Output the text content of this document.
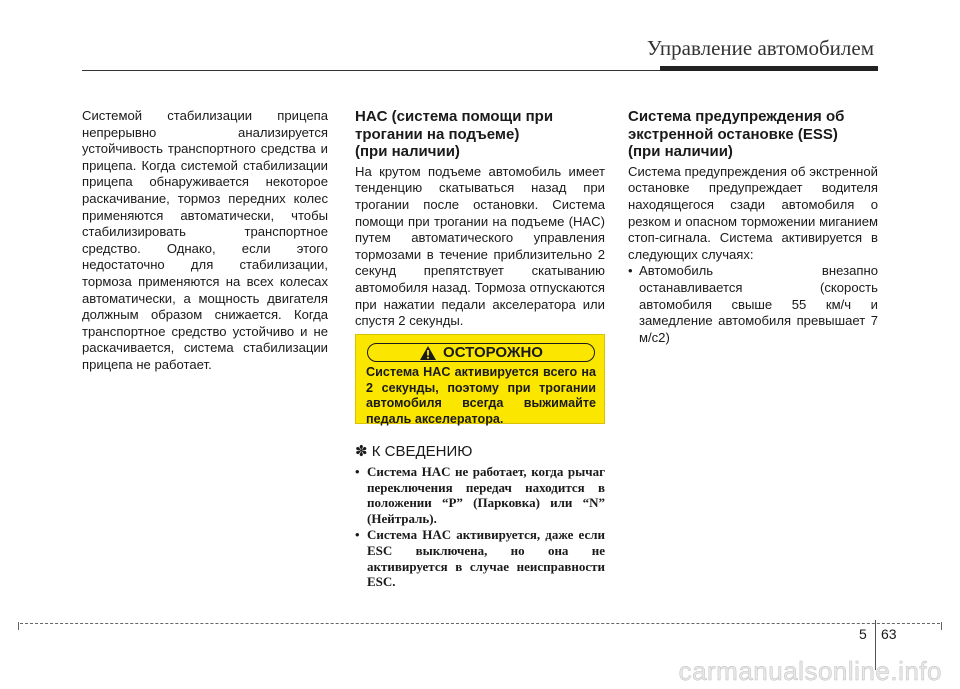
Управление автомобилем

Системой стабилизации прицепа непрерывно анализируется устойчивость транспортного средства и прицепа. Когда системой стабилизации прицепа обнаруживается некоторое раскачивание, тормоз передних колес применяются автоматически, чтобы стабилизировать транспортное средство. Однако, если этого недостаточно для стабилизации, тормоза применяются на всех колесах автоматически, а мощность двигателя должным образом снижается. Когда транспортное средство устойчиво и не раскачивается, система стабилизации прицепа не работает.

HAC (система помощи при
трогании на подъеме)
(при наличии)

На крутом подъеме автомобиль имеет тенденцию скатываться назад при трогании после остановки. Система помощи при трогании на подъеме (HAC) путем автоматического управления тормозами в течение приблизительно 2 секунд препятствует скатыванию автомобиля назад. Тормоза отпускаются при нажатии педали акселератора или спустя 2 секунды.

ОСТОРОЖНО
Система HAC активируется всего на 2 секунды, поэтому при трогании автомобиля всегда выжимайте педаль акселератора.
✽ К СВЕДЕНИЮ
• Система HAC не работает, когда рычаг переключения передач находится в положении “P” (Парковка) или “N” (Нейтраль).
• Система HAC активируется, даже если ESC выключена, но она не активируется в случае неисправности ESC.
Система предупреждения об
экстренной остановке (ESS)
(при наличии)

Система предупреждения об экстренной остановке предупреждает водителя находящегося сзади автомобиля о резком и опасном торможении миганием стоп-сигнала. Система активируется в следующих случаях:

• Автомобиль внезапно останавливается (скорость автомобиля свыше 55 км/ч и замедление автомобиля превышает 7 м/с2)
5 63
carmanualsonline.info
